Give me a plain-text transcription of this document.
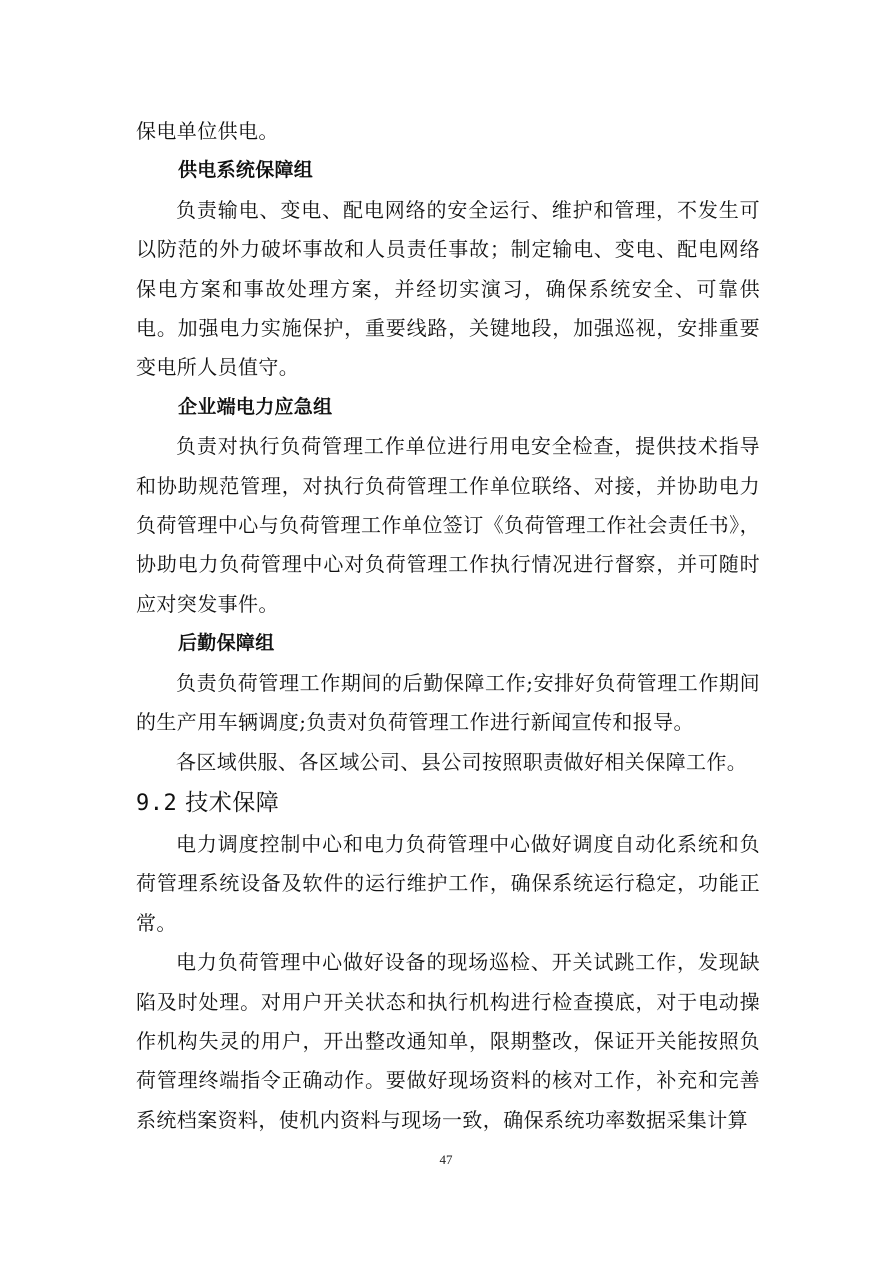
保电单位供电。

供电系统保障组

负责输电、变电、配电网络的安全运行、维护和管理，不发生可以防范的外力破坏事故和人员责任事故；制定输电、变电、配电网络保电方案和事故处理方案，并经切实演习，确保系统安全、可靠供电。加强电力实施保护，重要线路，关键地段，加强巡视，安排重要变电所人员值守。

企业端电力应急组

负责对执行负荷管理工作单位进行用电安全检查，提供技术指导和协助规范管理，对执行负荷管理工作单位联络、对接，并协助电力负荷管理中心与负荷管理工作单位签订《负荷管理工作社会责任书》，协助电力负荷管理中心对负荷管理工作执行情况进行督察，并可随时应对突发事件。

后勤保障组

负责负荷管理工作期间的后勤保障工作;安排好负荷管理工作期间的生产用车辆调度;负责对负荷管理工作进行新闻宣传和报导。

各区域供服、各区域公司、县公司按照职责做好相关保障工作。

9.2 技术保障

电力调度控制中心和电力负荷管理中心做好调度自动化系统和负荷管理系统设备及软件的运行维护工作，确保系统运行稳定，功能正常。

电力负荷管理中心做好设备的现场巡检、开关试跳工作，发现缺陷及时处理。对用户开关状态和执行机构进行检查摸底，对于电动操作机构失灵的用户，开出整改通知单，限期整改，保证开关能按照负荷管理终端指令正确动作。要做好现场资料的核对工作，补充和完善系统档案资料，使机内资料与现场一致，确保系统功率数据采集计算

47
